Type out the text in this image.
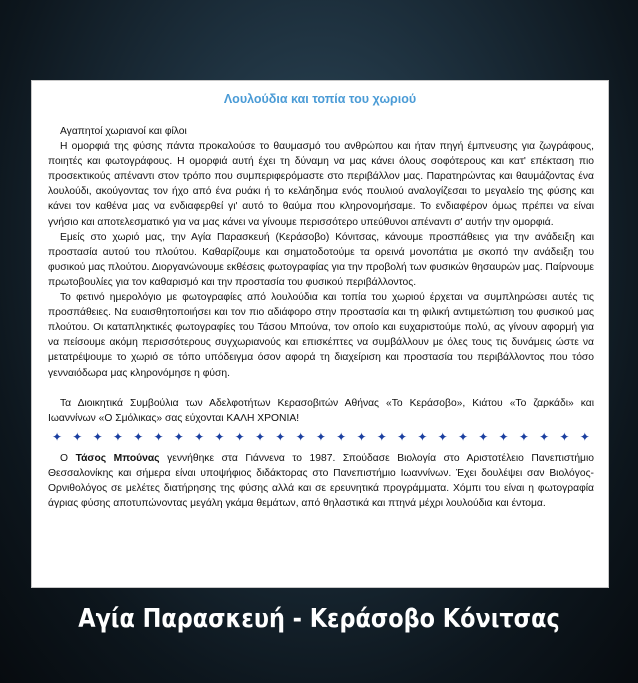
Λουλούδια και τοπία του χωριού
Αγαπητοί χωριανοί και φίλοι

Η ομορφιά της φύσης πάντα προκαλούσε το θαυμασμό του ανθρώπου και ήταν πηγή έμπνευσης για ζωγράφους, ποιητές και φωτογράφους. Η ομορφιά αυτή έχει τη δύναμη να μας κάνει όλους σοφότερους και κατ' επέκταση πιο προσεκτικούς απέναντι στον τρόπο που συμπεριφερόμαστε στο περιβάλλον μας. Παρατηρώντας και θαυμάζοντας ένα λουλούδι, ακούγοντας τον ήχο από ένα ρυάκι ή το κελάηδημα ενός πουλιού αναλογίζεσαι το μεγαλείο της φύσης και κάνει τον καθένα μας να ενδιαφερθεί γι' αυτό το θαύμα που κληρονομήσαμε. Το ενδιαφέρον όμως πρέπει να είναι γνήσιο και αποτελεσματικό για να μας κάνει να γίνουμε περισσότερο υπεύθυνοι απέναντι σ' αυτήν την ομορφιά.

Εμείς στο χωριό μας, την Αγία Παρασκευή (Κεράσοβο) Κόνιτσας, κάνουμε προσπάθειες για την ανάδειξη και προστασία αυτού του πλούτου. Καθαρίζουμε και σηματοδοτούμε τα ορεινά μονοπάτια με σκοπό την ανάδειξη του φυσικού μας πλούτου. Διοργανώνουμε εκθέσεις φωτογραφίας για την προβολή των φυσικών θησαυρών μας. Παίρνουμε πρωτοβουλίες για τον καθαρισμό και την προστασία του φυσικού περιβάλλοντος.

Το φετινό ημερολόγιο με φωτογραφίες από λουλούδια και τοπία του χωριού έρχεται να συμπληρώσει αυτές τις προσπάθειες. Να ευαισθητοποιήσει και τον πιο αδιάφορο στην προστασία και τη φιλική αντιμετώπιση του φυσικού μας πλούτου. Οι καταπληκτικές φωτογραφίες του Τάσου Μπούνα, τον οποίο και ευχαριστούμε πολύ, ας γίνουν αφορμή για να πείσουμε ακόμη περισσότερους συγχωριανούς και επισκέπτες να συμβάλλουν με όλες τους τις δυνάμεις ώστε να μετατρέψουμε το χωριό σε τόπο υπόδειγμα όσον αφορά τη διαχείριση και προστασία του περιβάλλοντος που τόσο γενναιόδωρα μας κληρονόμησε η φύση.

Τα Διοικητικά Συμβούλια των Αδελφοτήτων Κερασοβιτών Αθήνας «Το Κεράσοβο», Κιάτου «Το ζαρκάδι» και Ιωαννίνων «Ο Σμόλικας» σας εύχονται ΚΑΛΗ ΧΡΟΝΙΑ!

✦ ✦ ✦ ✦ ✦ ✦ ✦ ✦ ✦ ✦ ✦ ✦ ✦ ✦ ✦ ✦ ✦ ✦ ✦ ✦ ✦ ✦ ✦ ✦ ✦ ✦ ✦

Ο Τάσος Μπούνας γεννήθηκε στα Γιάννενα το 1987. Σπούδασε Βιολογία στο Αριστοτέλειο Πανεπιστήμιο Θεσσαλονίκης και σήμερα είναι υποψήφιος διδάκτορας στο Πανεπιστήμιο Ιωαννίνων. Έχει δουλέψει σαν Βιολόγος- Ορνιθολόγος σε μελέτες διατήρησης της φύσης αλλά και σε ερευνητικά προγράμματα. Χόμπι του είναι η φωτογραφία άγριας φύσης αποτυπώνοντας μεγάλη γκάμα θεμάτων, από θηλαστικά και πτηνά μέχρι λουλούδια και έντομα.

Αγία Παρασκευή - Κεράσοβο Κόνιτσας
